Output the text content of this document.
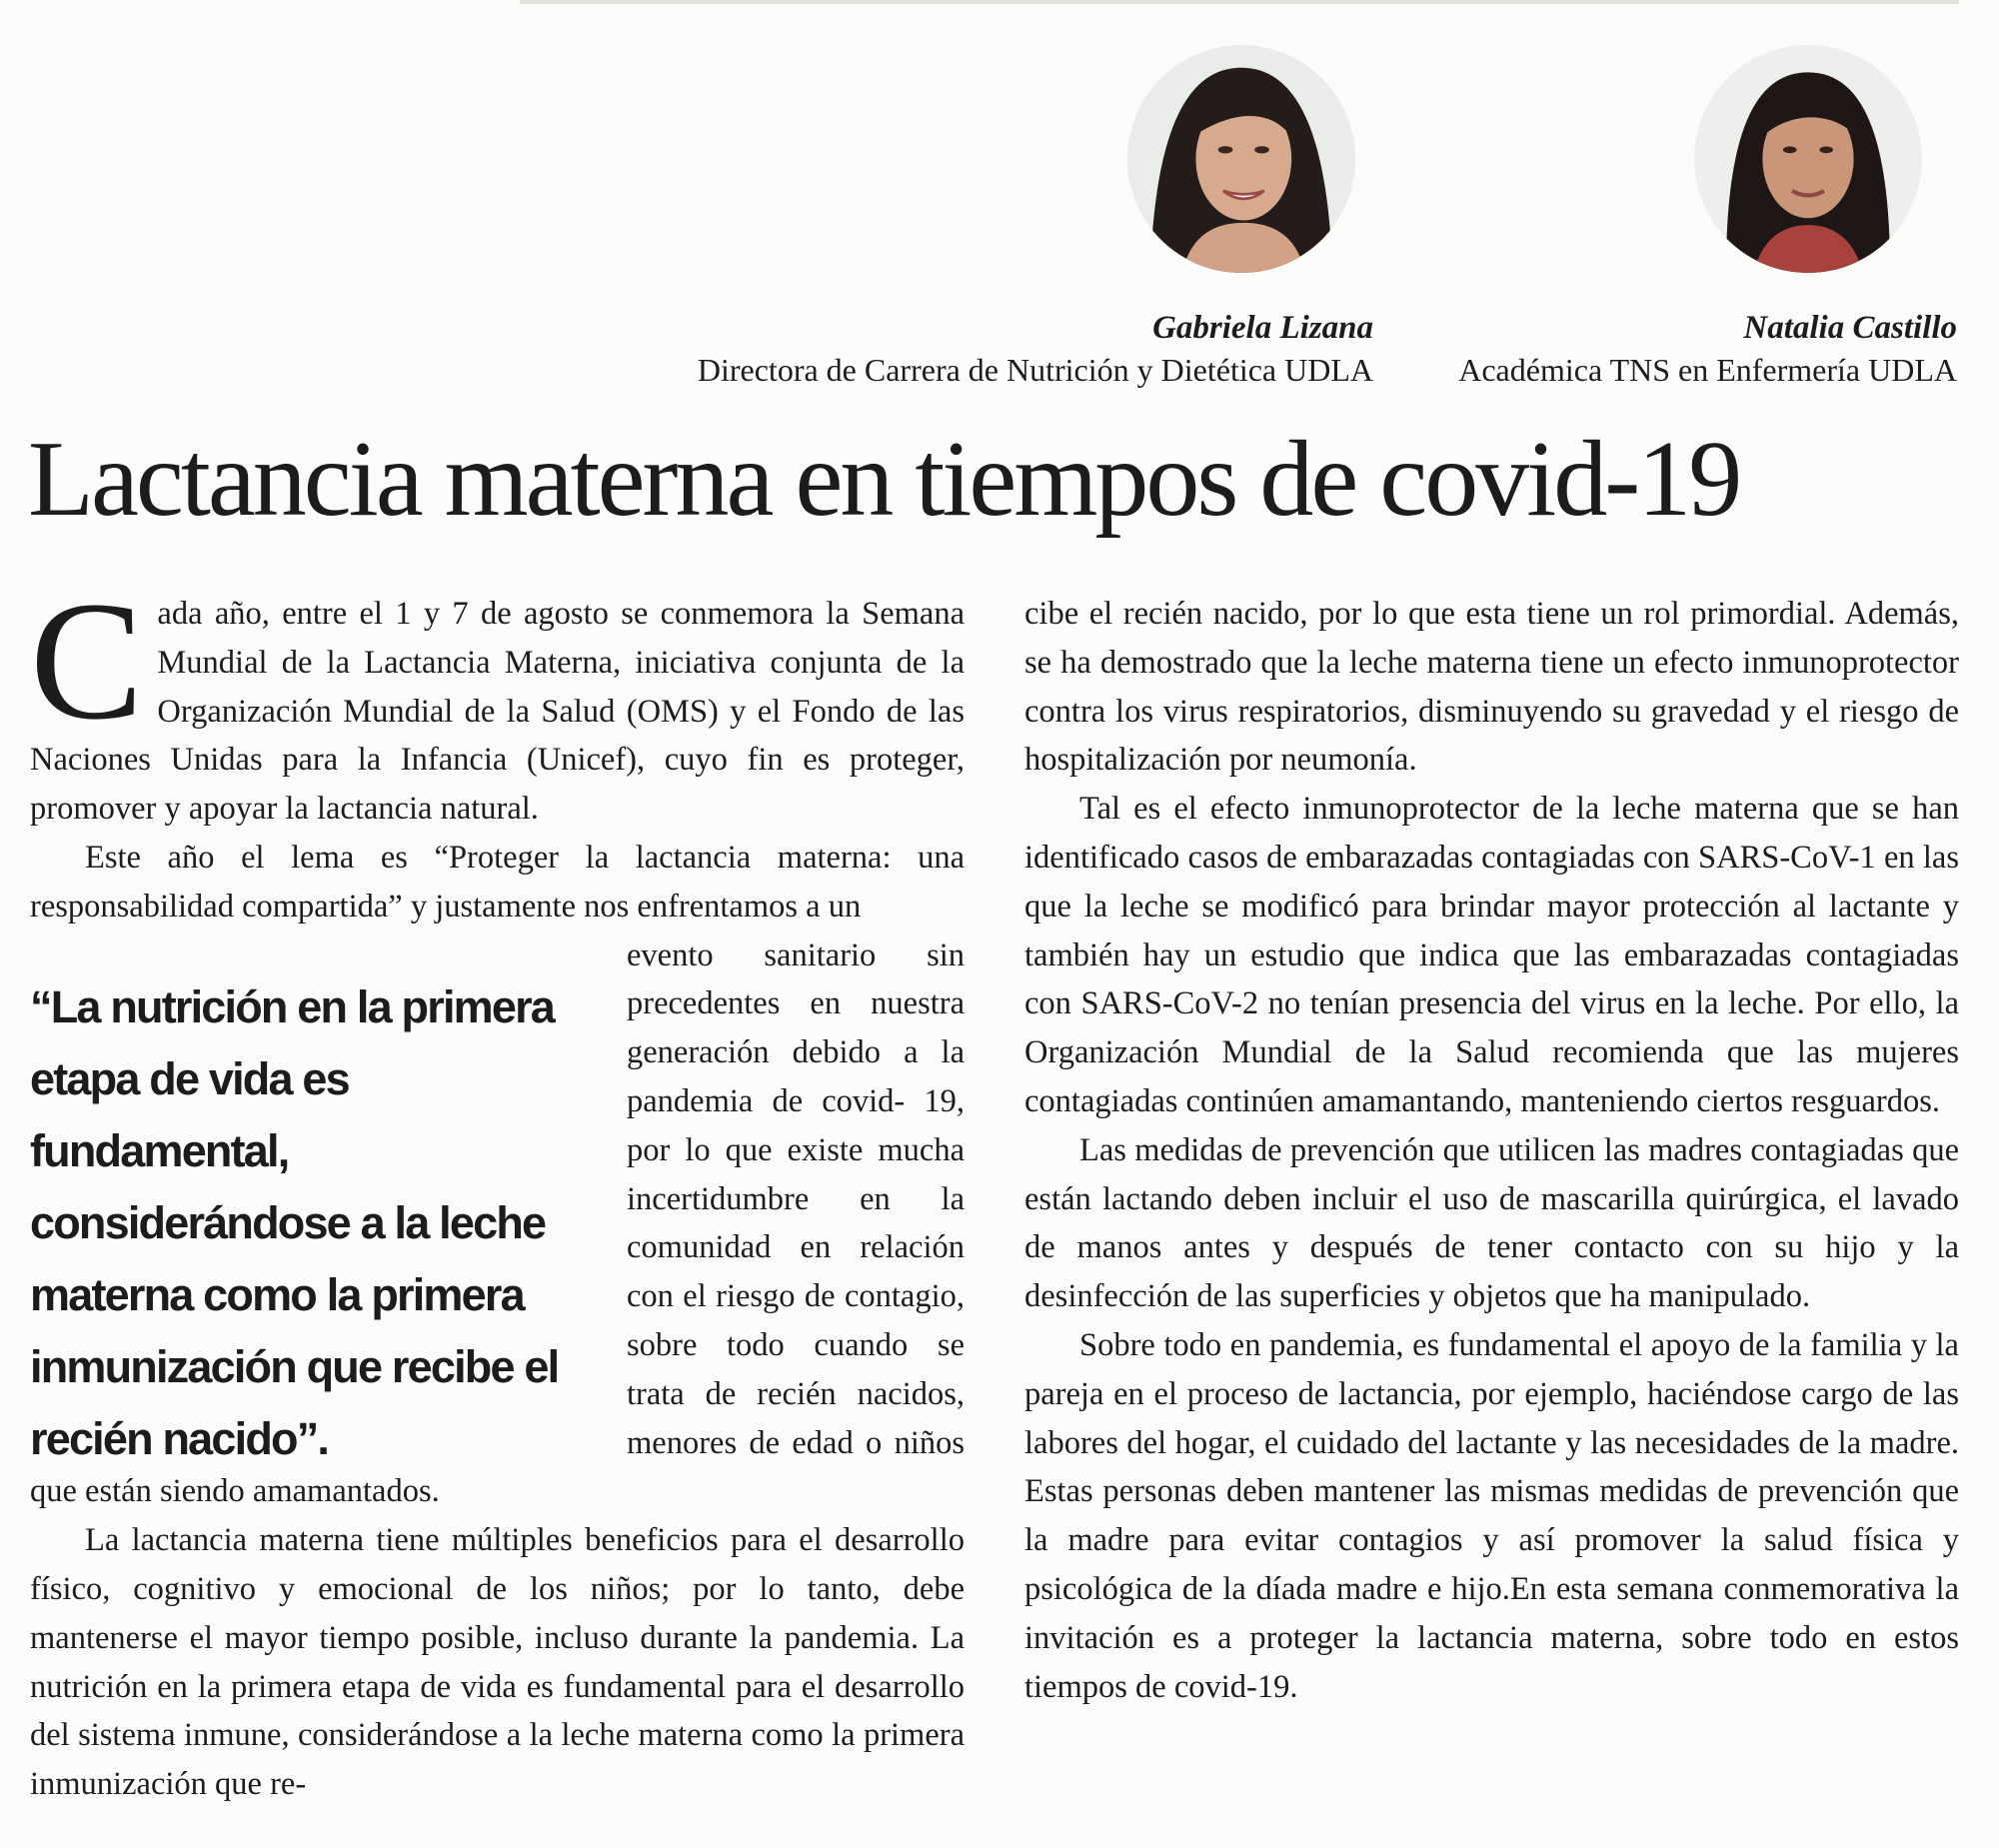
Gabriela Lizana
Directora de Carrera de Nutrición y Dietética UDLA
Natalia Castillo
Académica TNS en Enfermería UDLA
Lactancia materna en tiempos de covid-19

Cada año, entre el 1 y 7 de agosto se conmemora la Semana Mundial de la Lactancia Materna, iniciativa conjunta de la Organización Mundial de la Salud (OMS) y el Fondo de las Naciones Unidas para la Infancia (Unicef), cuyo fin es proteger, promover y apoyar la lactancia natural.

Este año el lema es “Proteger la lactancia materna: una responsabilidad compartida” y justamente nos enfrentamos a un

“La nutrición en la primera etapa de vida es fundamental, considerándose a la leche materna como la primera inmunización que recibe el recién nacido”.

evento sanitario sin precedentes en nuestra generación debido a la pandemia de covid- 19, por lo que existe mucha incertidumbre en la comunidad en relación con el riesgo de contagio, sobre todo cuando se trata de recién nacidos, menores de edad o niños que están siendo amamantados.

La lactancia materna tiene múltiples beneficios para el desarrollo físico, cognitivo y emocional de los niños; por lo tanto, debe mantenerse el mayor tiempo posible, incluso durante la pandemia. La nutrición en la primera etapa de vida es fundamental para el desarrollo del sistema inmune, considerándose a la leche materna como la primera inmunización que re-

cibe el recién nacido, por lo que esta tiene un rol primordial. Además, se ha demostrado que la leche materna tiene un efecto inmunoprotector contra los virus respiratorios, disminuyendo su gravedad y el riesgo de hospitalización por neumonía.

Tal es el efecto inmunoprotector de la leche materna que se han identificado casos de embarazadas contagiadas con SARS-CoV-1 en las que la leche se modificó para brindar mayor protección al lactante y también hay un estudio que indica que las embarazadas contagiadas con SARS-CoV-2 no tenían presencia del virus en la leche. Por ello, la Organización Mundial de la Salud recomienda que las mujeres contagiadas continúen amamantando, manteniendo ciertos resguardos.

Las medidas de prevención que utilicen las madres contagiadas que están lactando deben incluir el uso de mascarilla quirúrgica, el lavado de manos antes y después de tener contacto con su hijo y la desinfección de las superficies y objetos que ha manipulado.

Sobre todo en pandemia, es fundamental el apoyo de la familia y la pareja en el proceso de lactancia, por ejemplo, haciéndose cargo de las labores del hogar, el cuidado del lactante y las necesidades de la madre. Estas personas deben mantener las mismas medidas de prevención que la madre para evitar contagios y así promover la salud física y psicológica de la díada madre e hijo.En esta semana conmemorativa la invitación es a proteger la lactancia materna, sobre todo en estos tiempos de covid-19.
